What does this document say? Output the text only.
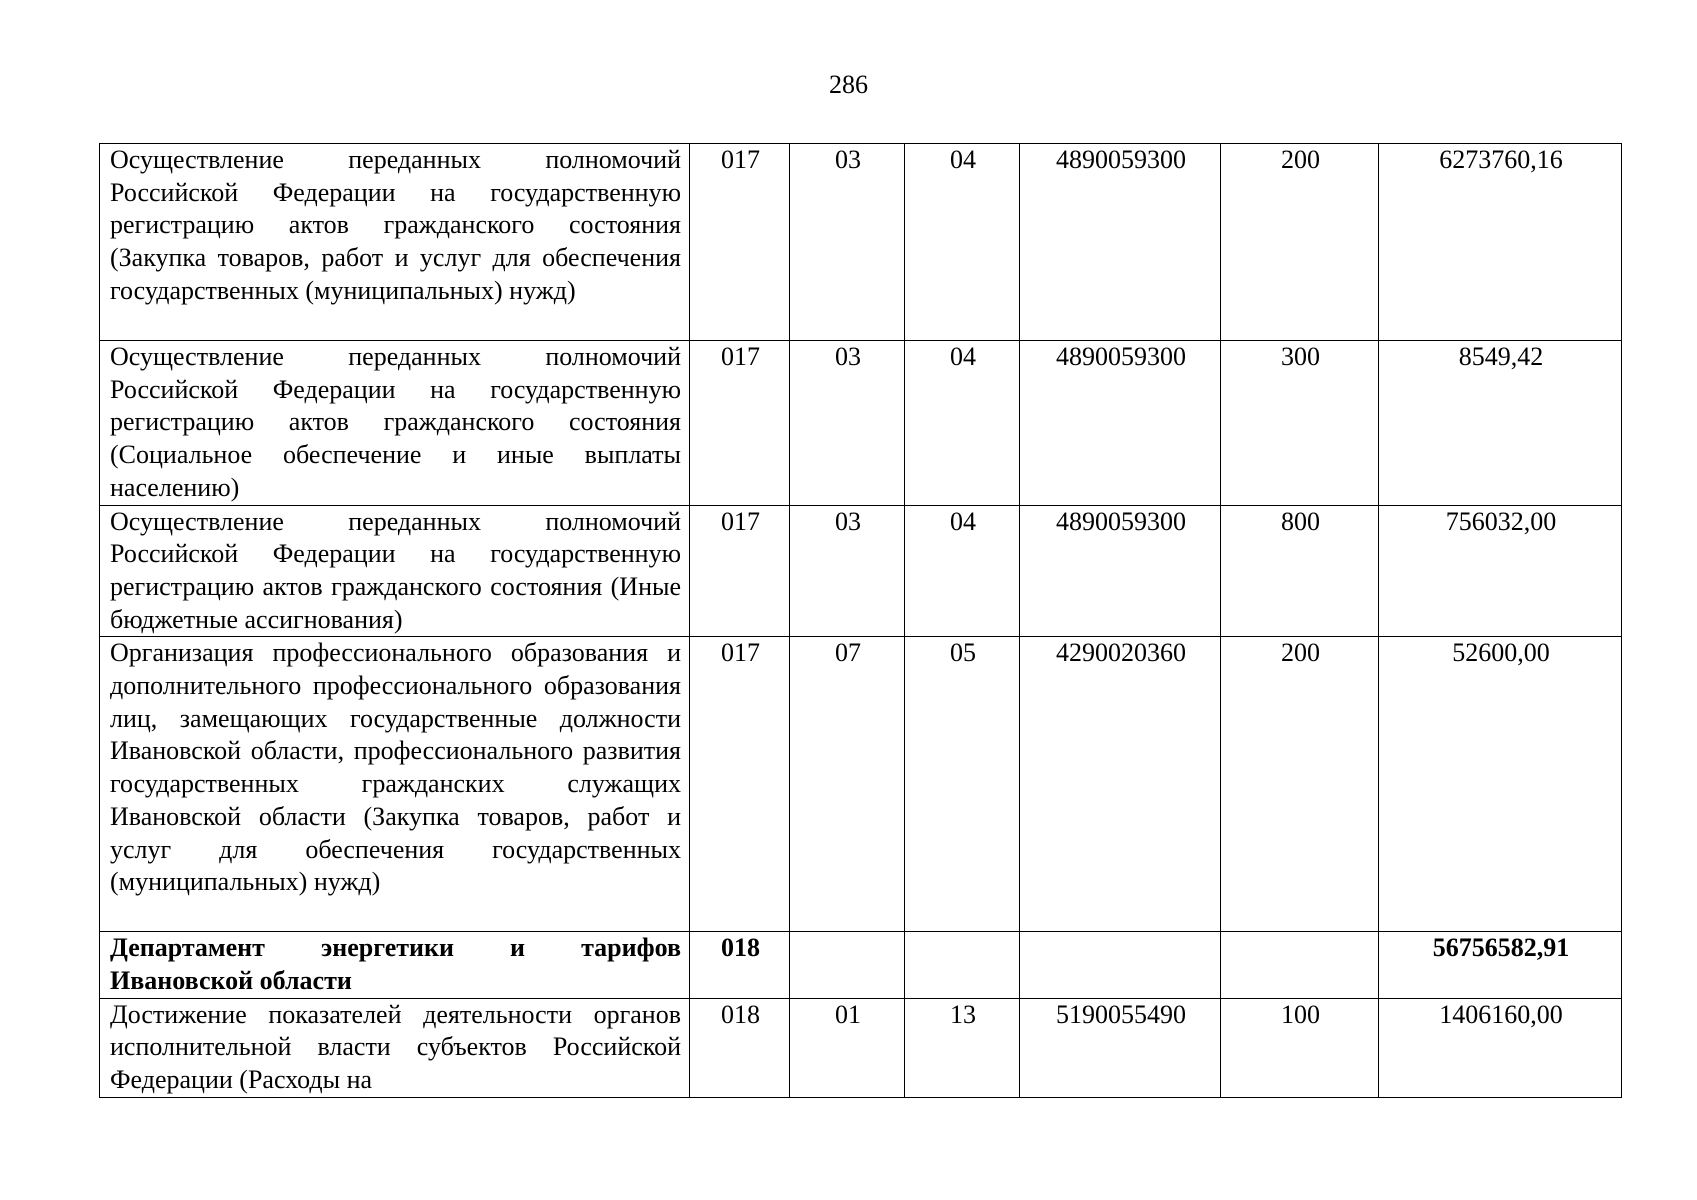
286
Осуществление переданных полномочий Российской Федерации на государственную регистрацию актов гражданского состояния (Закупка товаров, работ и услуг для обеспечения государственных (муниципальных) нужд)	017	03	04	4890059300	200	6273760,16
Осуществление переданных полномочий Российской Федерации на государственную регистрацию актов гражданского состояния (Социальное обеспечение и иные выплаты населению)	017	03	04	4890059300	300	8549,42
Осуществление переданных полномочий Российской Федерации на государственную регистрацию актов гражданского состояния (Иные бюджетные ассигнования)	017	03	04	4890059300	800	756032,00
Организация профессионального образования и дополнительного профессионального образования лиц, замещающих государственные должности Ивановской области, профессионального развития государственных гражданских служащих Ивановской области (Закупка товаров, работ и услуг для обеспечения государственных (муниципальных) нужд)	017	07	05	4290020360	200	52600,00
Департамент энергетики и тарифов Ивановской области	018					56756582,91
Достижение показателей деятельности органов исполнительной власти субъектов Российской Федерации (Расходы на	018	01	13	5190055490	100	1406160,00
